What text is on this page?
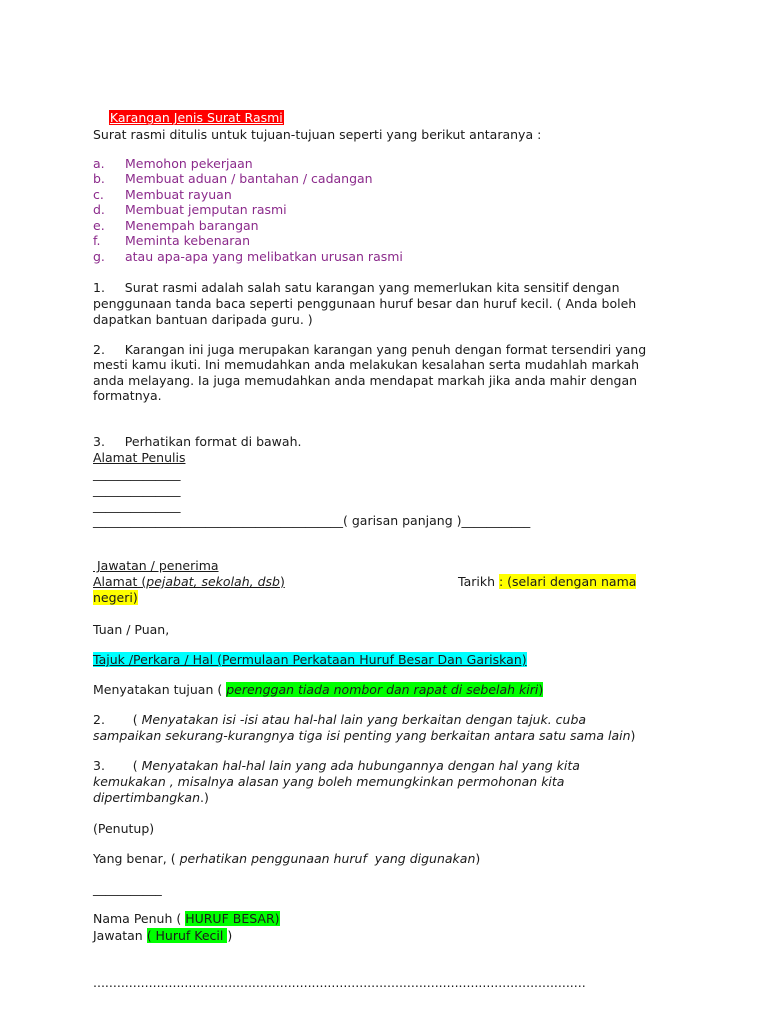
Karangan Jenis Surat Rasmi

Surat rasmi ditulis untuk tujuan-tujuan seperti yang berikut antaranya :
a. Memohon pekerjaan
b. Membuat aduan / bantahan / cadangan
c. Membuat rayuan
d. Membuat jemputan rasmi
e. Menempah barangan
f. Meminta kebenaran
g. atau apa-apa yang melibatkan urusan rasmi
1.     Surat rasmi adalah salah satu karangan yang memerlukan kita sensitif dengan
penggunaan tanda baca seperti penggunaan huruf besar dan huruf kecil. ( Anda boleh
dapatkan bantuan daripada guru. )
2.     Karangan ini juga merupakan karangan yang penuh dengan format tersendiri yang
mesti kamu ikuti. Ini memudahkan anda melakukan kesalahan serta mudahlah markah
anda melayang. Ia juga memudahkan anda mendapat markah jika anda mahir dengan
formatnya.
3.     Perhatikan format di bawah.
Alamat Penulis
______________
______________
______________
________________________________________( garisan panjang )___________
Jawatan / penerima
Alamat (pejabat, sekolah, dsb)	Tarikh : (selari dengan nama
negeri)
Tuan / Puan,
Tajuk /Perkara / Hal (Permulaan Perkataan Huruf Besar Dan Gariskan)
Menyatakan tujuan ( perenggan tiada nombor dan rapat di sebelah kiri)
2.       ( Menyatakan isi -isi atau hal-hal lain yang berkaitan dengan tajuk. cuba
sampaikan sekurang-kurangnya tiga isi penting yang berkaitan antara satu sama lain)
3.       ( Menyatakan hal-hal lain yang ada hubungannya dengan hal yang kita
kemukakan , misalnya alasan yang boleh memungkinkan permohonan kita
dipertimbangkan.)
(Penutup)
Yang benar, ( perhatikan penggunaan huruf  yang digunakan)
___________
Nama Penuh ( HURUF BESAR)
Jawatan ( Huruf Kecil )
............................................................................................................................
